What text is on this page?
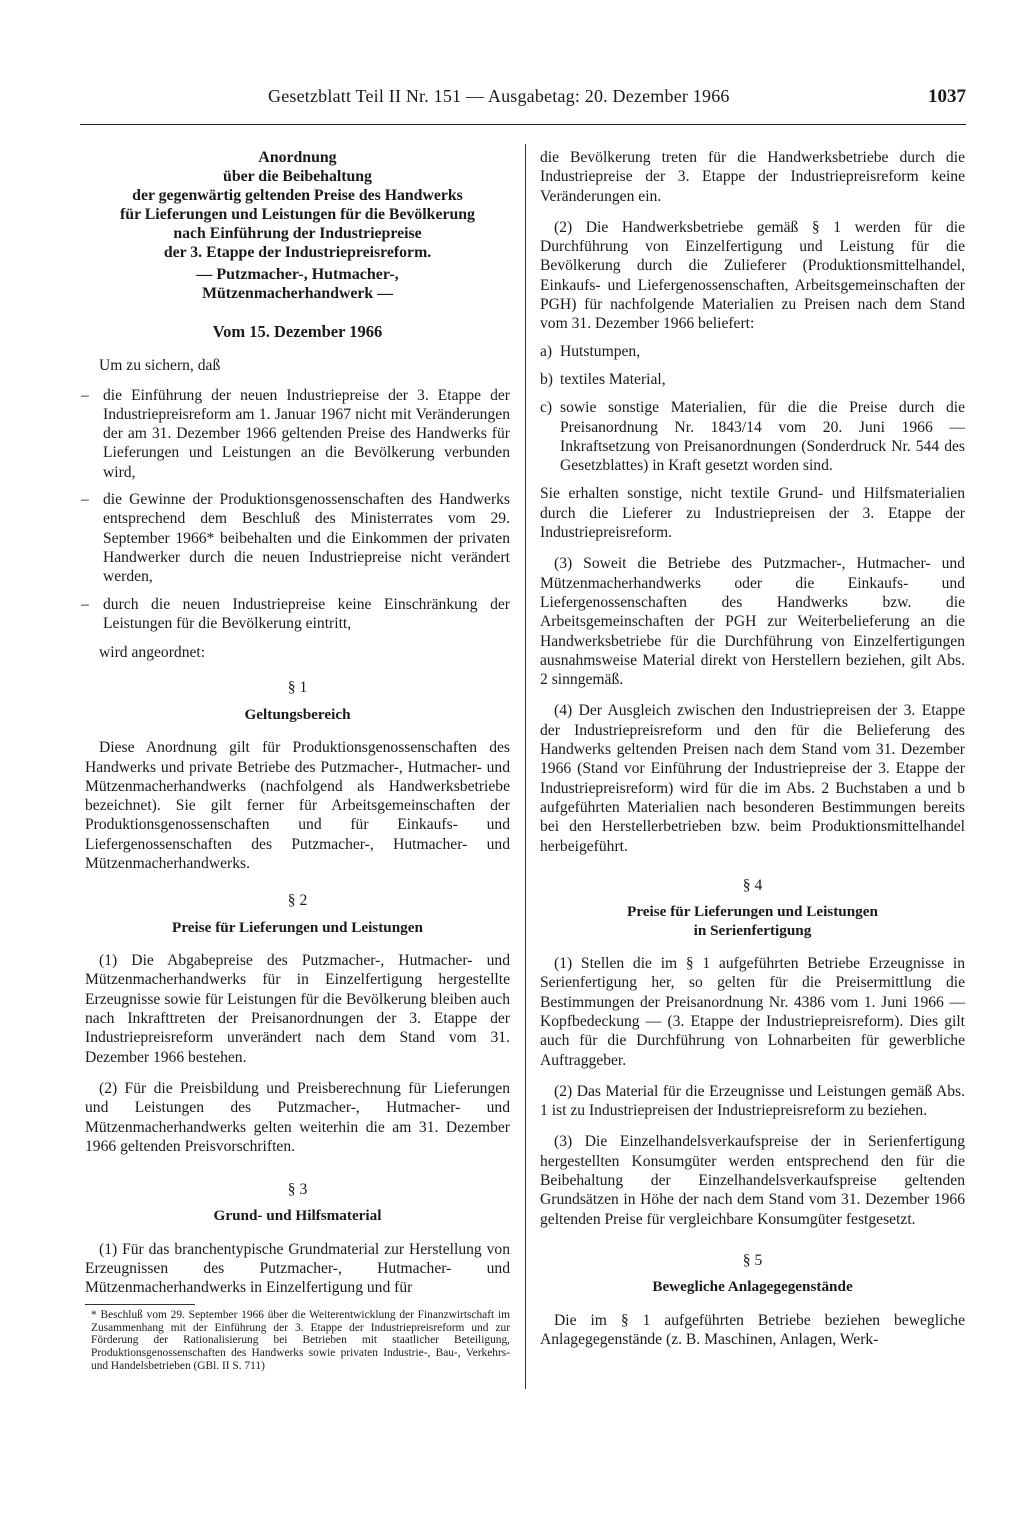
Gesetzblatt Teil II Nr. 151 — Ausgabetag: 20. Dezember 1966	1037
Anordnung
über die Beibehaltung
der gegenwärtig geltenden Preise des Handwerks
für Lieferungen und Leistungen für die Bevölkerung
nach Einführung der Industriepreise
der 3. Etappe der Industriepreisreform.
— Putzmacher-, Hutmacher-,
Mützenmacherhandwerk —
Vom 15. Dezember 1966

Um zu sichern, daß

– die Einführung der neuen Industriepreise der 3. Etappe der Industriepreisreform am 1. Januar 1967 nicht mit Veränderungen der am 31. Dezember 1966 geltenden Preise des Handwerks für Lieferungen und Leistungen an die Bevölkerung verbunden wird,
– die Gewinne der Produktionsgenossenschaften des Handwerks entsprechend dem Beschluß des Ministerrates vom 29. September 1966* beibehalten und die Einkommen der privaten Handwerker durch die neuen Industriepreise nicht verändert werden,
– durch die neuen Industriepreise keine Einschränkung der Leistungen für die Bevölkerung eintritt,

wird angeordnet:

§ 1
Geltungsbereich

Diese Anordnung gilt für Produktionsgenossenschaften des Handwerks und private Betriebe des Putzmacher-, Hutmacher- und Mützenmacherhandwerks (nachfolgend als Handwerksbetriebe bezeichnet). Sie gilt ferner für Arbeitsgemeinschaften der Produktionsgenossenschaften und für Einkaufs- und Liefergenossenschaften des Putzmacher-, Hutmacher- und Mützenmacherhandwerks.

§ 2
Preise für Lieferungen und Leistungen

(1) Die Abgabepreise des Putzmacher-, Hutmacher- und Mützenmacherhandwerks für in Einzelfertigung hergestellte Erzeugnisse sowie für Leistungen für die Bevölkerung bleiben auch nach Inkrafttreten der Preisanordnungen der 3. Etappe der Industriepreisreform unverändert nach dem Stand vom 31. Dezember 1966 bestehen.

(2) Für die Preisbildung und Preisberechnung für Lieferungen und Leistungen des Putzmacher-, Hutmacher- und Mützenmacherhandwerks gelten weiterhin die am 31. Dezember 1966 geltenden Preisvorschriften.

§ 3
Grund- und Hilfsmaterial

(1) Für das branchentypische Grundmaterial zur Herstellung von Erzeugnissen des Putzmacher-, Hutmacher- und Mützenmacherhandwerks in Einzelfertigung und für

* Beschluß vom 29. September 1966 über die Weiterentwicklung der Finanzwirtschaft im Zusammenhang mit der Einführung der 3. Etappe der Industriepreisreform und zur Förderung der Rationalisierung bei Betrieben mit staatlicher Beteiligung, Produktionsgenossenschaften des Handwerks sowie privaten Industrie-, Bau-, Verkehrs- und Handelsbetrieben (GBl. II S. 711)

die Bevölkerung treten für die Handwerksbetriebe durch die Industriepreise der 3. Etappe der Industriepreisreform keine Veränderungen ein.

(2) Die Handwerksbetriebe gemäß § 1 werden für die Durchführung von Einzelfertigung und Leistung für die Bevölkerung durch die Zulieferer (Produktionsmittelhandel, Einkaufs- und Liefergenossenschaften, Arbeitsgemeinschaften der PGH) für nachfolgende Materialien zu Preisen nach dem Stand vom 31. Dezember 1966 beliefert:

a) Hutstumpen,
b) textiles Material,
c) sowie sonstige Materialien, für die die Preise durch die Preisanordnung Nr. 1843/14 vom 20. Juni 1966 — Inkraftsetzung von Preisanordnungen (Sonderdruck Nr. 544 des Gesetzblattes) in Kraft gesetzt worden sind.

Sie erhalten sonstige, nicht textile Grund- und Hilfsmaterialien durch die Lieferer zu Industriepreisen der 3. Etappe der Industriepreisreform.

(3) Soweit die Betriebe des Putzmacher-, Hutmacher- und Mützenmacherhandwerks oder die Einkaufs- und Liefergenossenschaften des Handwerks bzw. die Arbeitsgemeinschaften der PGH zur Weiterbelieferung an die Handwerksbetriebe für die Durchführung von Einzelfertigungen ausnahmsweise Material direkt von Herstellern beziehen, gilt Abs. 2 sinngemäß.

(4) Der Ausgleich zwischen den Industriepreisen der 3. Etappe der Industriepreisreform und den für die Belieferung des Handwerks geltenden Preisen nach dem Stand vom 31. Dezember 1966 (Stand vor Einführung der Industriepreise der 3. Etappe der Industriepreisreform) wird für die im Abs. 2 Buchstaben a und b aufgeführten Materialien nach besonderen Bestimmungen bereits bei den Herstellerbetrieben bzw. beim Produktionsmittelhandel herbeigeführt.

§ 4
Preise für Lieferungen und Leistungen
in Serienfertigung

(1) Stellen die im § 1 aufgeführten Betriebe Erzeugnisse in Serienfertigung her, so gelten für die Preisermittlung die Bestimmungen der Preisanordnung Nr. 4386 vom 1. Juni 1966 — Kopfbedeckung — (3. Etappe der Industriepreisreform). Dies gilt auch für die Durchführung von Lohnarbeiten für gewerbliche Auftraggeber.

(2) Das Material für die Erzeugnisse und Leistungen gemäß Abs. 1 ist zu Industriepreisen der Industriepreisreform zu beziehen.

(3) Die Einzelhandelsverkaufspreise der in Serienfertigung hergestellten Konsumgüter werden entsprechend den für die Beibehaltung der Einzelhandelsverkaufspreise geltenden Grundsätzen in Höhe der nach dem Stand vom 31. Dezember 1966 geltenden Preise für vergleichbare Konsumgüter festgesetzt.

§ 5
Bewegliche Anlagegegenstände

Die im § 1 aufgeführten Betriebe beziehen bewegliche Anlagegegenstände (z. B. Maschinen, Anlagen, Werk-
